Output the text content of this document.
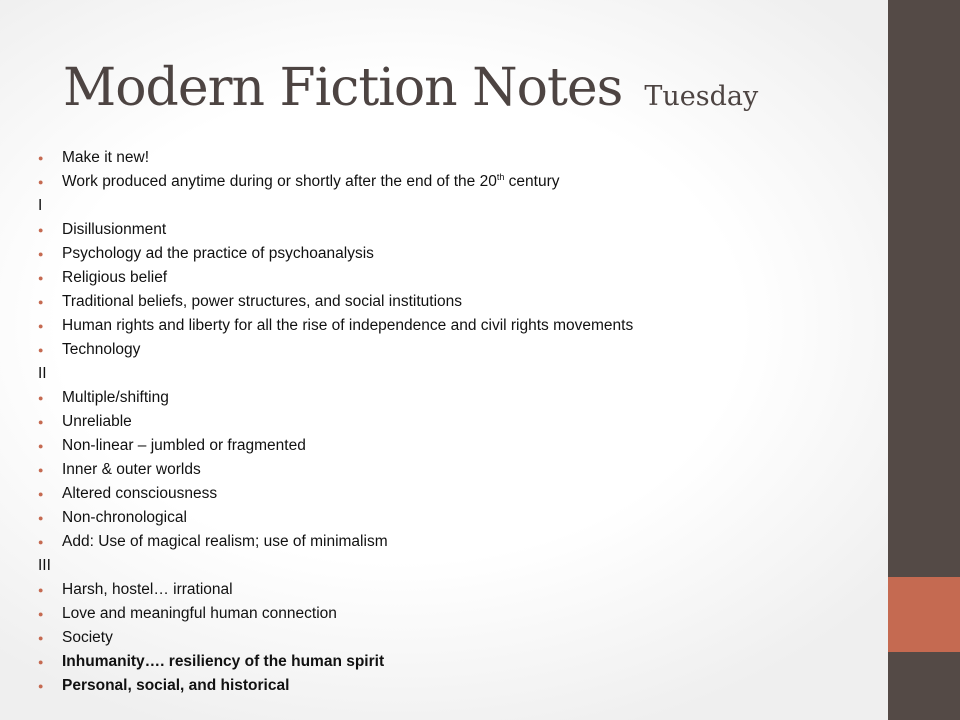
Modern Fiction Notes Tuesday
● Make it new!
● Work produced anytime during or shortly after the end of the 20th century
I
● Disillusionment
● Psychology ad the practice of psychoanalysis
● Religious belief
● Traditional beliefs, power structures, and social institutions
● Human rights and liberty for all the rise of independence and civil rights movements
● Technology
II
● Multiple/shifting
● Unreliable
● Non-linear – jumbled or fragmented
● Inner & outer worlds
● Altered consciousness
● Non-chronological
● Add: Use of magical realism; use of minimalism
III
● Harsh, hostel… irrational
● Love and meaningful human connection
● Society
● Inhumanity…. resiliency of the human spirit
● Personal, social, and historical
